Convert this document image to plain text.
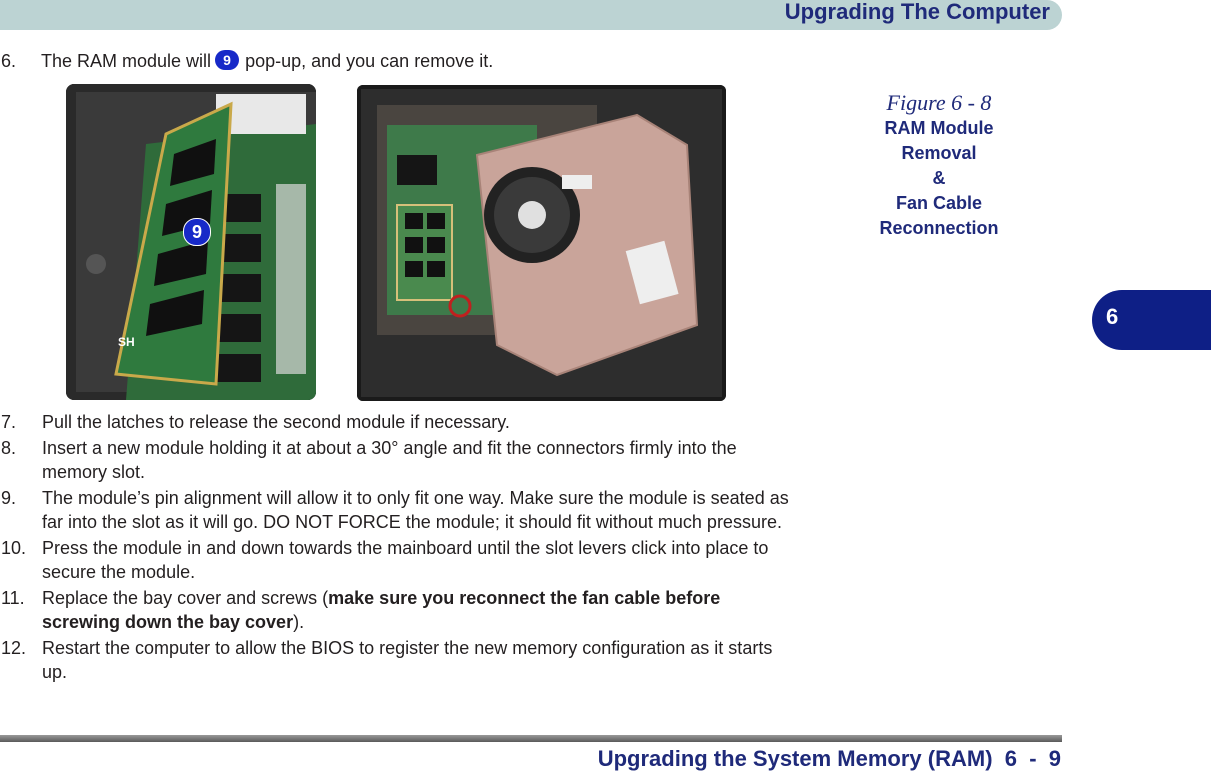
Upgrading The Computer
6
6. The RAM module will 9 pop-up, and you can remove it.
SH
9
Figure 6 - 8
RAM Module
Removal
&
Fan Cable
Reconnection
7.	Pull the latches to release the second module if necessary.
8.	Insert a new module holding it at about a 30° angle and fit the connectors firmly into the memory slot.
9.	The module’s pin alignment will allow it to only fit one way. Make sure the module is seated as far into the slot as it will go. DO NOT FORCE the module; it should fit without much pressure.
10. Press the module in and down towards the mainboard until the slot levers click into place to secure the module.
11. Replace the bay cover and screws (make sure you reconnect the fan cable before screwing down the bay cover).
12. Restart the computer to allow the BIOS to register the new memory configuration as it starts up.
Upgrading the System Memory (RAM)  6  -  9
